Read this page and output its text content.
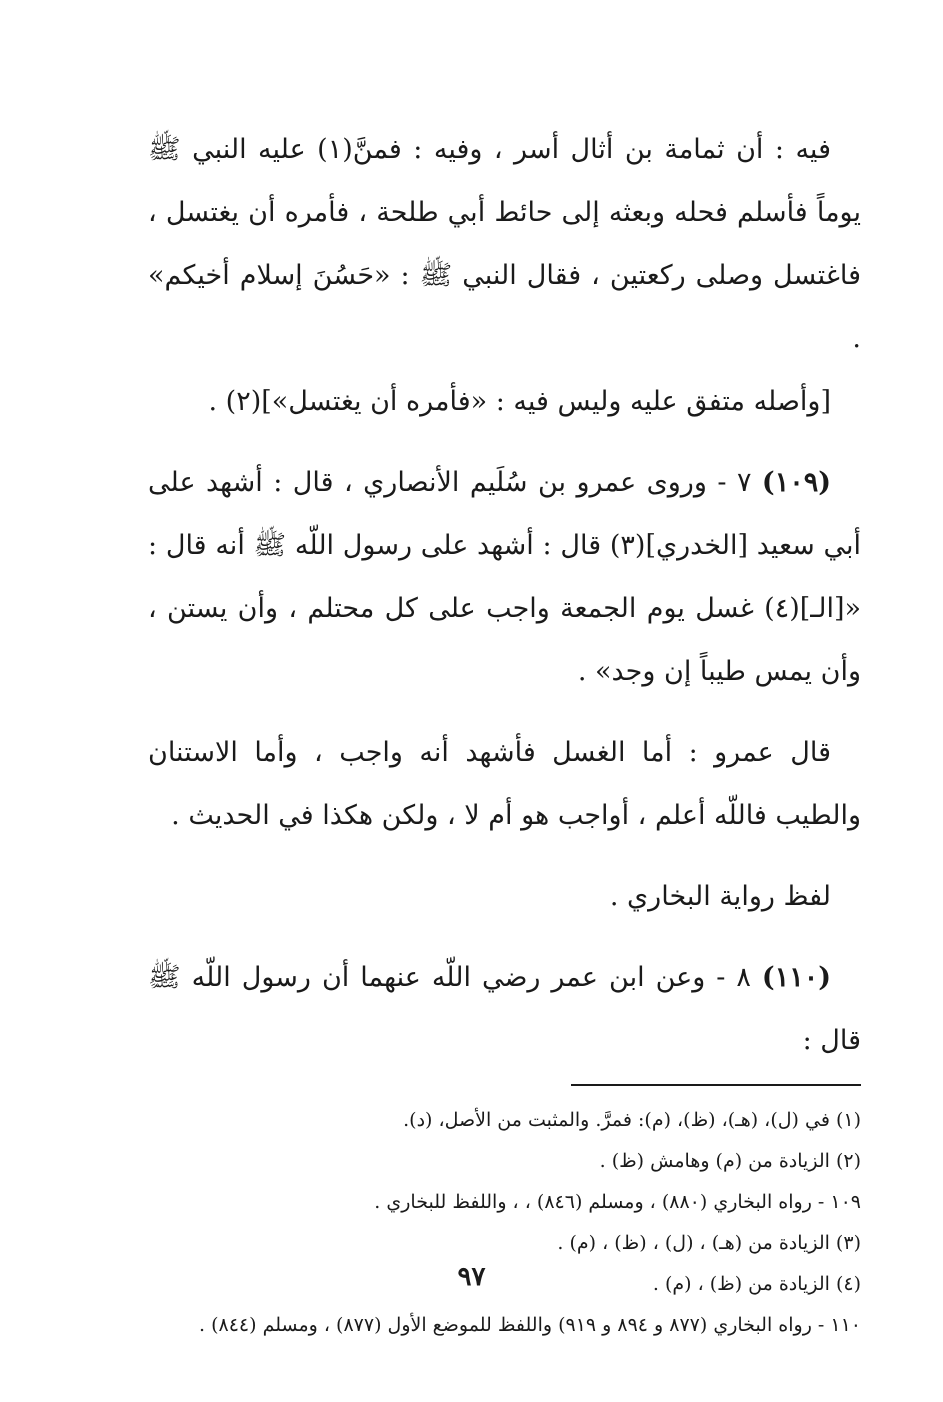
فيه : أن ثمامة بن أثال أسر ، وفيه : فمنَّ(١) عليه النبي ﷺ يوماً فأسلم فحله وبعثه إلى حائط أبي طلحة ، فأمره أن يغتسل ، فاغتسل وصلى ركعتين ، فقال النبي ﷺ : «حَسُنَ إسلام أخيكم» .

[وأصله متفق عليه وليس فيه : «فأمره أن يغتسل»](٢) .

(١٠٩) ٧ - وروى عمرو بن سُلَيم الأنصاري ، قال : أشهد على أبي سعيد [الخدري](٣) قال : أشهد على رسول اللّه ﷺ أنه قال : «[الـ](٤) غسل يوم الجمعة واجب على كل محتلم ، وأن يستن ، وأن يمس طيباً إن وجد» .

قال عمرو : أما الغسل فأشهد أنه واجب ، وأما الاستنان والطيب فاللّه أعلم ، أواجب هو أم لا ، ولكن هكذا في الحديث .

لفظ رواية البخاري .

(١١٠) ٨ - وعن ابن عمر رضي اللّه عنهما أن رسول اللّه ﷺ قال :

(١) في (ل)، (هـ)، (ظ)، (م): فمرَّ. والمثبت من الأصل، (د).

(٢) الزيادة من (م) وهامش (ظ) .

١٠٩ - رواه البخاري (٨٨٠) ، ومسلم (٨٤٦) ، ، واللفظ للبخاري .

(٣) الزيادة من (هـ) ، (ل) ، (ظ) ، (م) .

(٤) الزيادة من (ظ) ، (م) .

١١٠ - رواه البخاري (٨٧٧ و ٨٩٤ و ٩١٩) واللفظ للموضع الأول (٨٧٧) ، ومسلم (٨٤٤) .

٩٧
